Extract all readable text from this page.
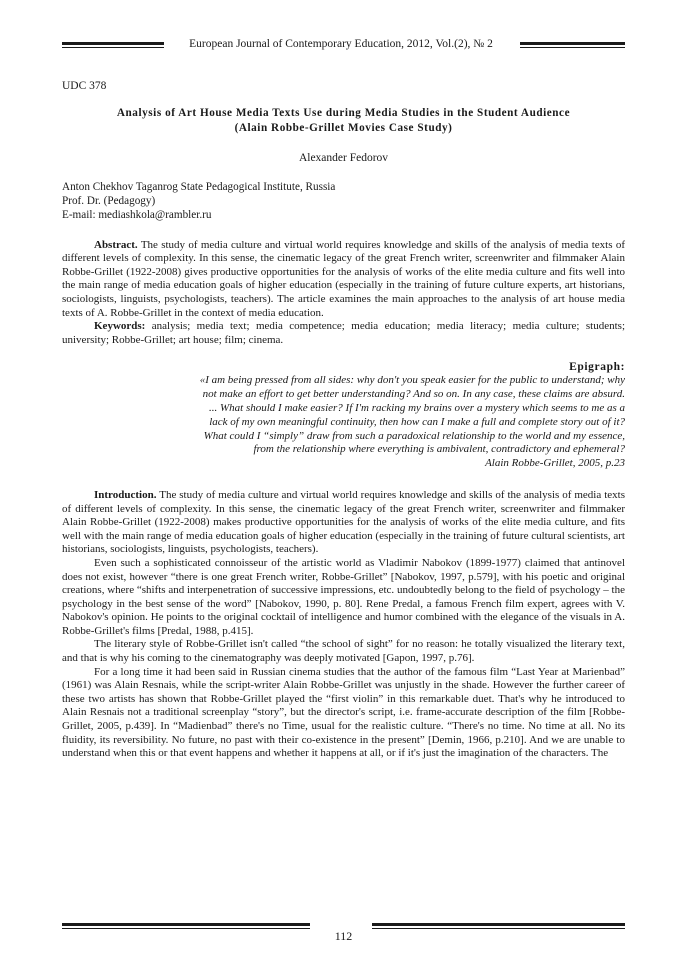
European Journal of Contemporary Education, 2012, Vol.(2), № 2
UDC 378
Analysis of Art House Media Texts Use during Media Studies in the Student Audience
(Alain Robbe-Grillet Movies Case Study)
Alexander Fedorov
Anton Chekhov Taganrog State Pedagogical Institute, Russia
Prof. Dr. (Pedagogy)
E-mail: mediashkola@rambler.ru

Abstract. The study of media culture and virtual world requires knowledge and skills of the analysis of media texts of different levels of complexity. In this sense, the cinematic legacy of the great French writer, screenwriter and filmmaker Alain Robbe-Grillet (1922-2008) gives productive opportunities for the analysis of works of the elite media culture and fits well into the main range of media education goals of higher education (especially in the training of future culture experts, art historians, sociologists, linguists, psychologists, teachers). The article examines the main approaches to the analysis of art house media texts of A. Robbe-Grillet in the context of media education.

Keywords: analysis; media text; media competence; media education; media literacy; media culture; students; university; Robbe-Grillet; art house; film; cinema.

Epigraph:
«I am being pressed from all sides: why don't you speak easier for the public to understand; why
not make an effort to get better understanding? And so on. In any case, these claims are absurd.
... What should I make easier? If I'm racking my brains over a mystery which seems to me as a
lack of my own meaningful continuity, then how can I make a full and complete story out of it?
What could I “simply” draw from such a paradoxical relationship to the world and my essence,
from the relationship where everything is ambivalent, contradictory and ephemeral?
Alain Robbe-Grillet, 2005, p.23

Introduction. The study of media culture and virtual world requires knowledge and skills of the analysis of media texts of different levels of complexity. In this sense, the cinematic legacy of the great French writer, screenwriter and filmmaker Alain Robbe-Grillet (1922-2008) makes productive opportunities for the analysis of works of the elite media culture, and fits well with the main range of media education goals of higher education (especially in the training of future cultural scientists, art historians, sociologists, linguists, psychologists, teachers).

Even such a sophisticated connoisseur of the artistic world as Vladimir Nabokov (1899-1977) claimed that antinovel does not exist, however “there is one great French writer, Robbe-Grillet” [Nabokov, 1997, p.579], with his poetic and original creations, where “shifts and interpenetration of successive impressions, etc. undoubtedly belong to the field of psychology – the psychology in the best sense of the word” [Nabokov, 1990, p. 80]. Rene Predal, a famous French film expert, agrees with V. Nabokov's opinion. He points to the original cocktail of intelligence and humor combined with the elegance of the visuals in A. Robbe-Grillet's films [Predal, 1988, p.415].

The literary style of Robbe-Grillet isn't called “the school of sight” for no reason: he totally visualized the literary text, and that is why his coming to the cinematography was deeply motivated [Gapon, 1997, p.76].

For a long time it had been said in Russian cinema studies that the author of the famous film “Last Year at Marienbad” (1961) was Alain Resnais, while the script-writer Alain Robbe-Grillet was unjustly in the shade. However the further career of these two artists has shown that Robbe-Grillet played the “first violin” in this remarkable duet. That's why he introduced to Alain Resnais not a traditional screenplay “story”, but the director's script, i.e. frame-accurate description of the film [Robbe-Grillet, 2005, p.439]. In “Madienbad” there's no Time, usual for the realistic culture. “There's no time. No time at all. No its fluidity, its reversibility. No future, no past with their co-existence in the present” [Demin, 1966, p.210]. And we are unable to understand when this or that event happens and whether it happens at all, or if it's just the imagination of the characters. The

112
